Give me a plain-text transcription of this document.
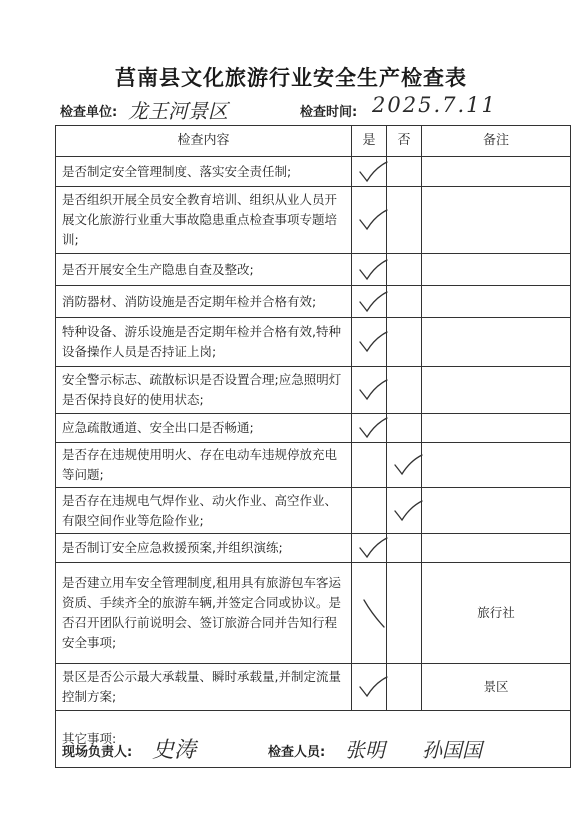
莒南县文化旅游行业安全生产检查表
检查单位: 龙王河景区	检查时间: 2025.7.11
检查内容	是	否	备注
是否制定安全管理制度、落实安全责任制;	

是否组织开展全员安全教育培训、组织从业人员开展文化旅游行业重大事故隐患重点检查事项专题培训;	

是否开展安全生产隐患自查及整改;	

消防器材、消防设施是否定期年检并合格有效;	

特种设备、游乐设施是否定期年检并合格有效,特种设备操作人员是否持证上岗;	

安全警示标志、疏散标识是否设置合理;应急照明灯是否保持良好的使用状态;	

应急疏散通道、安全出口是否畅通;	

是否存在违规使用明火、存在电动车违规停放充电等问题;		

是否存在违规电气焊作业、动火作业、高空作业、有限空间作业等危险作业;		

是否制订安全应急救援预案,并组织演练;	

是否建立用车安全管理制度,租用具有旅游包车客运资质、手续齐全的旅游车辆,并签定合同或协议。是否召开团队行前说明会、签订旅游合同并告知行程安全事项;			旅行社
景区是否公示最大承载量、瞬时承载量,并制定流量控制方案;			景区
其它事项:			
现场负责人: 史涛	检查人员: 张明 孙国国
